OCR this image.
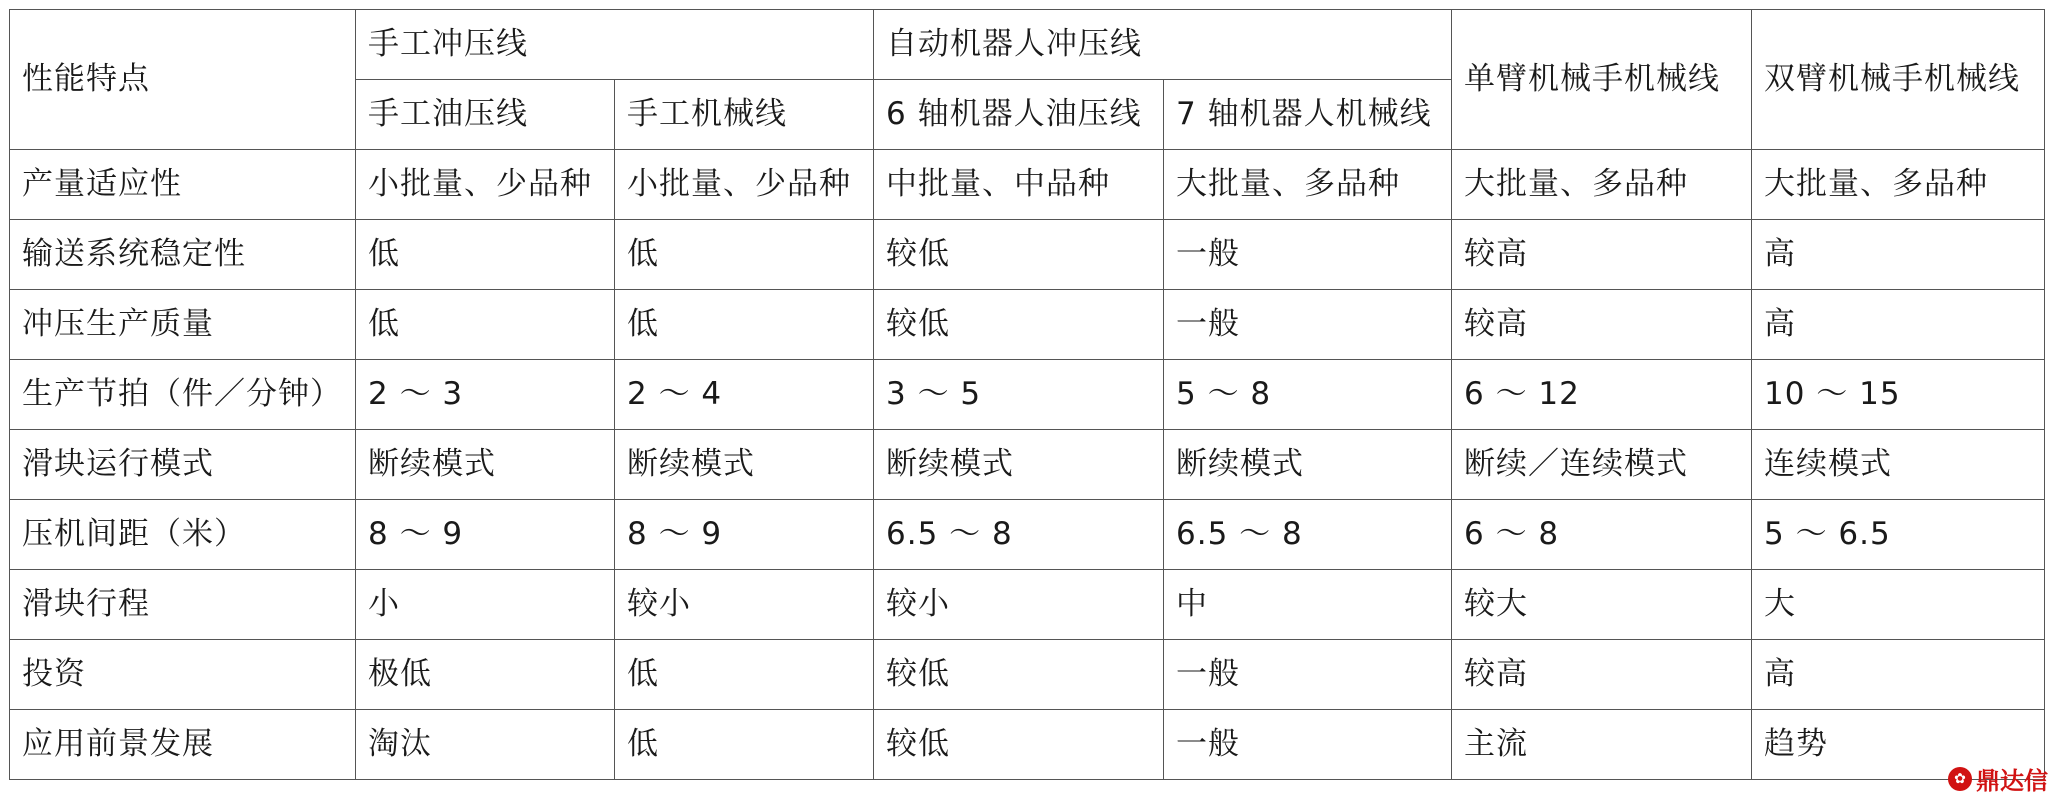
性能特点	手工冲压线		自动机器人冲压线		单臂机械手机械线	双臂机械手机械线
	手工油压线	手工机械线	6 轴机器人油压线	7 轴机器人机械线		
产量适应性	小批量、少品种	小批量、少品种	中批量、中品种	大批量、多品种	大批量、多品种	大批量、多品种
输送系统稳定性	低	低	较低	一般	较高	高
冲压生产质量	低	低	较低	一般	较高	高
生产节拍（件／分钟）	2 ～ 3	2 ～ 4	3 ～ 5	5 ～ 8	6 ～ 12	10 ～ 15
滑块运行模式	断续模式	断续模式	断续模式	断续模式	断续／连续模式	连续模式
压机间距（米）	8 ～ 9	8 ～ 9	6.5 ～ 8	6.5 ～ 8	6 ～ 8	5 ～ 6.5
滑块行程	小	较小	较小	中	较大	大
投资	极低	低	较低	一般	较高	高
应用前景发展	淘汰	低	较低	一般	主流	趋势
✿ 鼎达信
